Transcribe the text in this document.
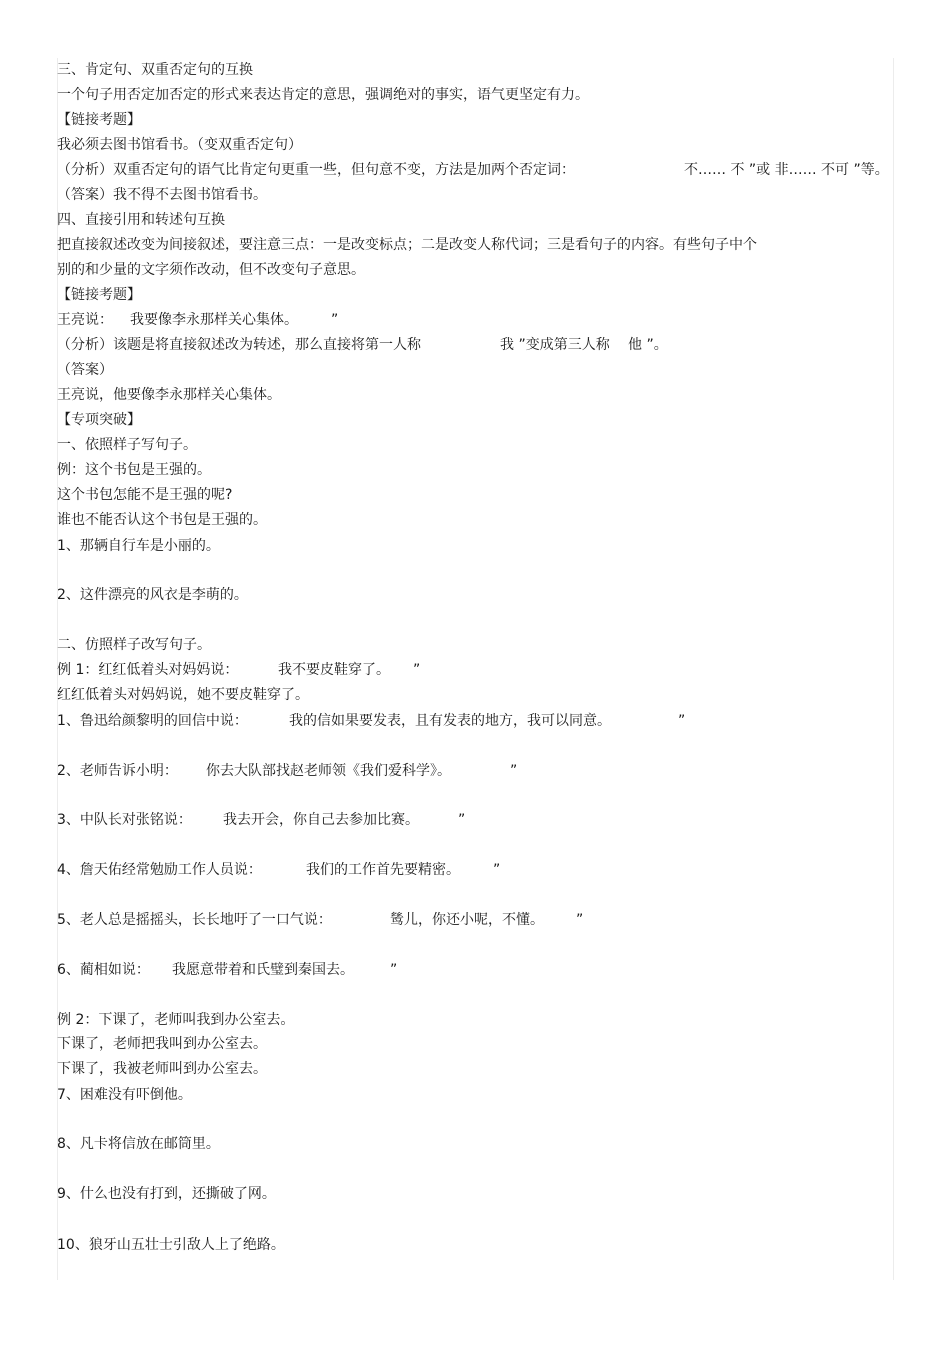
三、肯定句、双重否定句的互换
一个句子用否定加否定的形式来表达肯定的意思，强调绝对的事实，语气更坚定有力。
【链接考题】
我必须去图书馆看书。（变双重否定句）
（分析）双重否定句的语气比肯定句更重一些，但句意不变，方法是加两个否定词：	不…… 不 ”或 非…… 不可 ”等。
（答案）我不得不去图书馆看书。
四、直接引用和转述句互换
把直接叙述改变为间接叙述，要注意三点：一是改变标点；二是改变人称代词；三是看句子的内容。有些句子中个
别的和少量的文字须作改动，但不改变句子意思。
【链接考题】
王亮说： 我要像李永那样关心集体。 ”
（分析）该题是将直接叙述改为转述，那么直接将第一人称	我 ”变成第三人称 他 ”。
（答案）
王亮说，他要像李永那样关心集体。
【专项突破】
一、依照样子写句子。
例：这个书包是王强的。
这个书包怎能不是王强的呢?
谁也不能否认这个书包是王强的。
1、那辆自行车是小丽的。
2、这件漂亮的风衣是李萌的。
二、仿照样子改写句子。
例 1：红红低着头对妈妈说：	我不要皮鞋穿了。 ”
红红低着头对妈妈说，她不要皮鞋穿了。
1、鲁迅给颜黎明的回信中说：	我的信如果要发表，且有发表的地方，我可以同意。	”
2、老师告诉小明： 你去大队部找赵老师领《我们爱科学》。	”
3、中队长对张铭说： 我去开会，你自己去参加比赛。	”
4、詹天佑经常勉励工作人员说：	我们的工作首先要精密。 ”
5、老人总是摇摇头，长长地吁了一口气说：	鸶儿，你还小呢，不懂。 ”
6、蔺相如说： 我愿意带着和氏璧到秦国去。	”
例 2：下课了，老师叫我到办公室去。
下课了，老师把我叫到办公室去。
下课了，我被老师叫到办公室去。
7、困难没有吓倒他。
8、凡卡将信放在邮筒里。
9、什么也没有打到，还撕破了网。
10、狼牙山五壮士引敌人上了绝路。
